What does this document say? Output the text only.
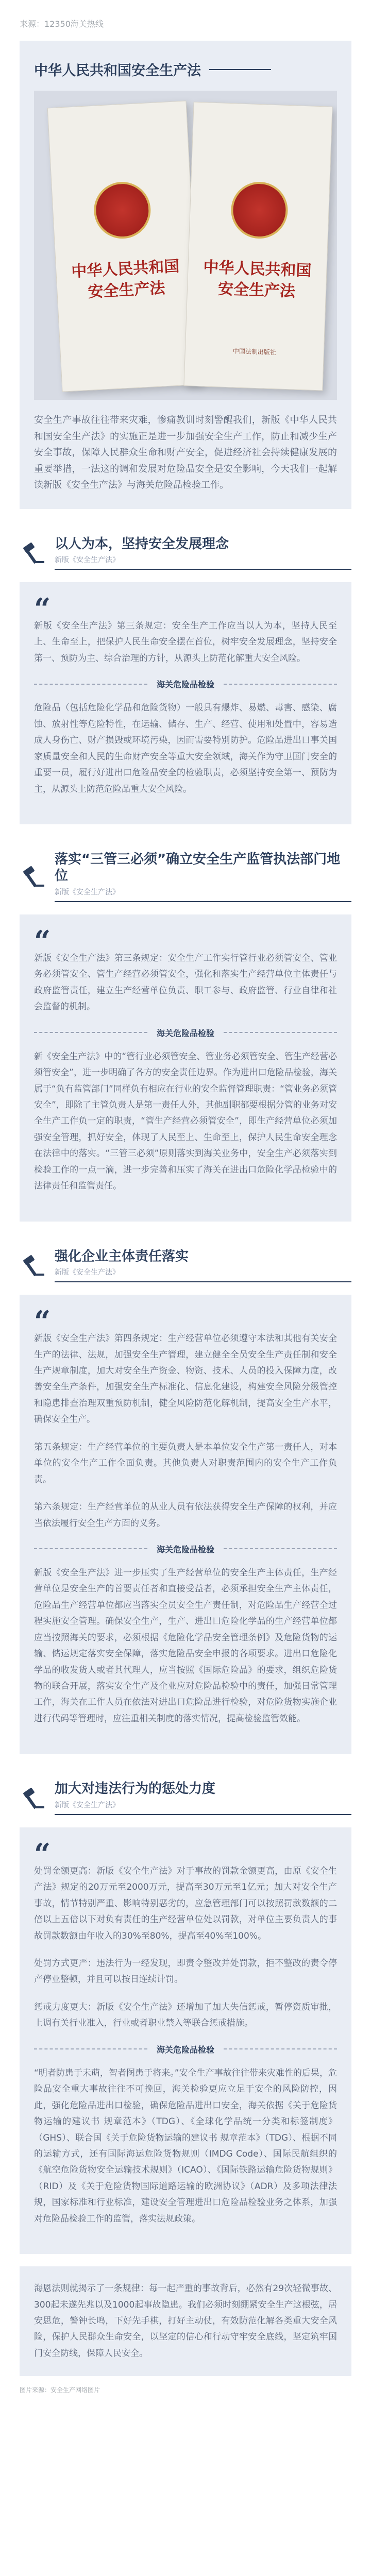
来源：12350海关热线
中华人民共和国安全生产法
中华人民共和国安全生产法
中华人民共和国安全生产法
中国法制出版社

安全生产事故往往带来灾难，惨痛教训时刻警醒我们，新版《中华人民共和国安全生产法》的实施正是进一步加强安全生产工作，防止和减少生产安全事故，保障人民群众生命和财产安全，促进经济社会持续健康发展的重要举措，一法这的调和发展对危险品安全是安全影响，今天我们一起解读新版《安全生产法》与海关危险品检验工作。

以人为本，坚持安全发展理念
新版《安全生产法》
“

新版《安全生产法》第三条规定：安全生产工作应当以人为本，坚持人民至上、生命至上，把保护人民生命安全摆在首位，树牢安全发展理念，坚持安全第一、预防为主、综合治理的方针，从源头上防范化解重大安全风险。

海关危险品检验

危险品（包括危险化学品和危险货物）一般具有爆炸、易燃、毒害、感染、腐蚀、放射性等危险特性，在运输、储存、生产、经营、使用和处置中，容易造成人身伤亡、财产损毁或环境污染，因而需要特别防护。危险品进出口事关国家质量安全和人民的生命财产安全等重大安全领域，海关作为守卫国门安全的重要一员，履行好进出口危险品安全的检验职责，必须坚持安全第一、预防为主，从源头上防范危险品重大安全风险。

落实“三管三必须”确立安全生产监管执法部门地位
新版《安全生产法》
“

新版《安全生产法》第三条规定：安全生产工作实行管行业必须管安全、管业务必须管安全、管生产经营必须管安全，强化和落实生产经营单位主体责任与政府监管责任，建立生产经营单位负责、职工参与、政府监管、行业自律和社会监督的机制。

海关危险品检验

新《安全生产法》中的“管行业必须管安全、管业务必须管安全、管生产经营必须管安全”，进一步明确了各方的安全责任边界。作为进出口危险品检验，海关属于“负有监管部门”同样负有相应在行业的安全监督管理职责：“管业务必须管安全”，即除了主管负责人是第一责任人外，其他副职都要根据分管的业务对安全生产工作负一定的职责，“管生产经营必须管安全”，即生产经营单位必须加强安全管理，抓好安全，体现了人民至上、生命至上，保护人民生命安全理念在法律中的落实。“三管三必须”原则落实到海关业务中，安全生产必须落实到检验工作的一点一滴，进一步完善和压实了海关在进出口危险化学品检验中的法律责任和监管责任。

强化企业主体责任落实
新版《安全生产法》
“

新版《安全生产法》第四条规定：生产经营单位必须遵守本法和其他有关安全生产的法律、法规，加强安全生产管理，建立健全全员安全生产责任制和安全生产规章制度，加大对安全生产资金、物资、技术、人员的投入保障力度，改善安全生产条件，加强安全生产标准化、信息化建设，构建安全风险分级管控和隐患排查治理双重预防机制，健全风险防范化解机制，提高安全生产水平，确保安全生产。

第五条规定：生产经营单位的主要负责人是本单位安全生产第一责任人，对本单位的安全生产工作全面负责。其他负责人对职责范围内的安全生产工作负责。

第六条规定：生产经营单位的从业人员有依法获得安全生产保障的权利，并应当依法履行安全生产方面的义务。

海关危险品检验

新版《安全生产法》进一步压实了生产经营单位的安全生产主体责任，生产经营单位是安全生产的首要责任者和直接受益者，必须承担安全生产主体责任，危险品生产经营单位都应当落实全员安全生产责任制，对危险品生产经营全过程实施安全管理。确保安全生产，生产、进出口危险化学品的生产经营单位都应当按照海关的要求，必须根据《危险化学品安全管理条例》及危险货物的运输、储运规定落实安全保障，落实危险品安全申报的各项要求。进出口危险化学品的收发货人或者其代理人，应当按照《国际危险品》的要求，组织危险货物的联合开展，落实安全生产及企业应对危险品检验中的责任，加强日常管理工作，海关在工作人员在依法对进出口危险品进行检验，对危险货物实施企业进行代码等管理时，应注重相关制度的落实情况，提高检验监管效能。

加大对违法行为的惩处力度
新版《安全生产法》
“

处罚金额更高：新版《安全生产法》对于事故的罚款金额更高，由原《安全生产法》规定的20万元至2000万元，提高至30万元至1亿元；加大对安全生产事故，情节特别严重、影响特别恶劣的，应急管理部门可以按照罚款数额的二倍以上五倍以下对负有责任的生产经营单位处以罚款，对单位主要负责人的事故罚款数额由年收入的30%至80%，提高至40%至100%。

处罚方式更严：违法行为一经发现，即责令整改并处罚款，拒不整改的责令停产停业整顿，并且可以按日连续计罚。

惩戒力度更大：新版《安全生产法》还增加了加大失信惩戒，暂停资质审批，上调有关行业准入，行业或者职业禁入等联合惩戒措施。

海关危险品检验

“明者防患于未萌，智者图患于将来。”安全生产事故往往带来灾难性的后果，危险品安全重大事故往往不可挽回，海关检验更应立足于安全的风险防控，因此，强化危险品进出口检验，确保危险品进出口安全，海关依据《关于危险货物运输的建议书 规章范本》（TDG）、《全球化学品统一分类和标签制度》（GHS）、联合国《关于危险货物运输的建议书 规章范本》（TDG）、根据不同的运输方式，还有国际海运危险货物规则（IMDG Code）、国际民航组织的《航空危险货物安全运输技术规则》（ICAO）、《国际铁路运输危险货物规则》（RID）及《关于危险货物国际道路运输的欧洲协议》（ADR）及多项法律法规，国家标准和行业标准，建设安全管理进出口危险品检验业务之体系，加强对危险品检验工作的监管，落实法规政策。

海恩法则就揭示了一条规律：每一起严重的事故背后，必然有29次轻微事故、300起未遂先兆以及1000起事故隐患。我们必须时刻绷紧安全生产这根弦，居安思危，警钟长鸣，下好先手棋，打好主动仗，有效防范化解各类重大安全风险，保护人民群众生命安全，以坚定的信心和行动守牢安全底线，坚定筑牢国门安全防线，保障人民安全。
图片来源：安全生产网络图片
